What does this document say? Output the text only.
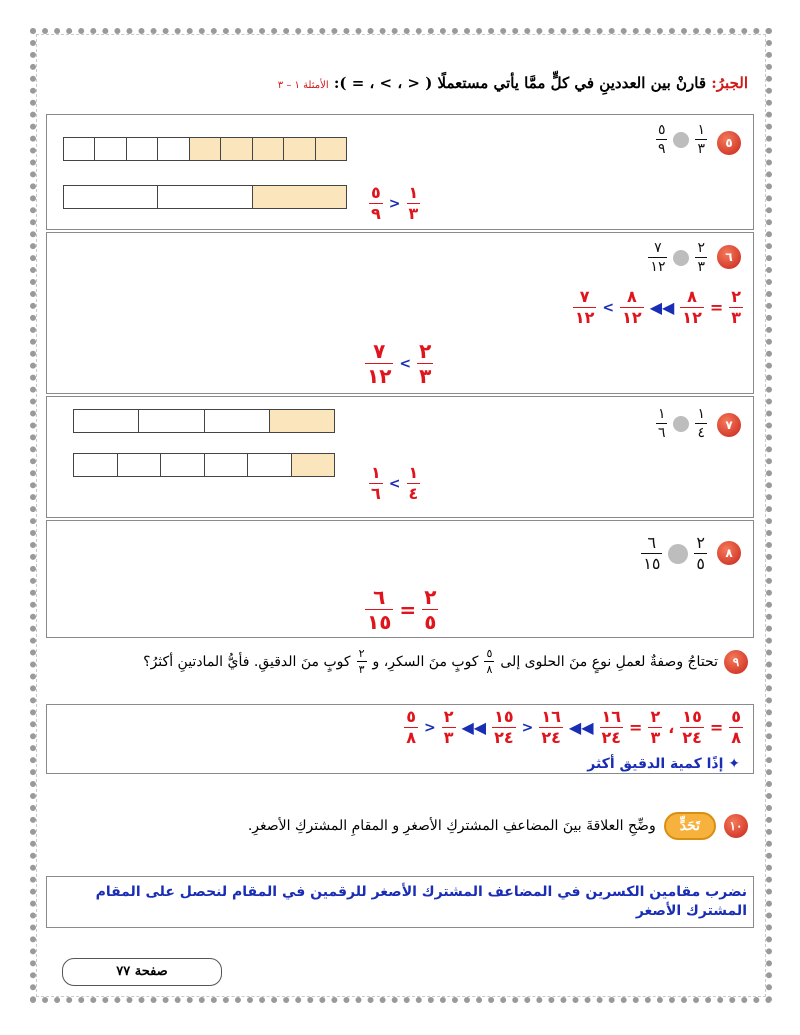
الجبرُ: قارنْ بين العددينِ في كلٍّ ممَّا يأتي مستعملًا ( < ، > ، = ): الأمثلة ١ – ٣
٥
$\frac{٥}{٩} \frac{١}{٣}$
$\frac{٥}{٩} > \frac{١}{٣}$
٦
$\frac{٧}{١٢} \frac{٢}{٣}$
$\frac{٧}{١٢} < \frac{٨}{١٢}$ ◀◀ $\frac{٨}{١٢} = \frac{٢}{٣}$
$\frac{٧}{١٢} < \frac{٢}{٣}$
٧
$\frac{١}{٦} \frac{١}{٤}$
$\frac{١}{٦} < \frac{١}{٤}$
٨
$\frac{٦}{١٥} \frac{٢}{٥}$
$\frac{٦}{١٥} = \frac{٢}{٥}$
٩
تحتاجُ وصفةٌ لعملِ نوعٍ منَ الحلوى إلى
$\frac{٥}{٨}$
كوبٍ منَ السكرِ، و
$\frac{٢}{٣}$
كوبٍ منَ الدقيقِ. فأيُّ المادتينِ أكثرُ؟
$\frac{٥}{٨} > \frac{٢}{٣}$ ◀◀ $\frac{١٥}{٢٤} > \frac{١٦}{٢٤}$ ◀◀ $\frac{١٦}{٢٤} = \frac{٢}{٣}$ ، $\frac{١٥}{٢٤} = \frac{٥}{٨}$
✦ إذًا كمية الدقيق أكثر
١٠
تَحَدٍّ
وضِّحِ العلاقةَ بينَ المضاعفِ المشتركِ الأصغرِ و المقامِ المشتركِ الأصغرِ.
نضرب مقامين الكسرين في المضاعف المشترك الأصغر للرقمين في المقام لنحصل على المقام المشترك الأصغر
صفحة ٧٧
